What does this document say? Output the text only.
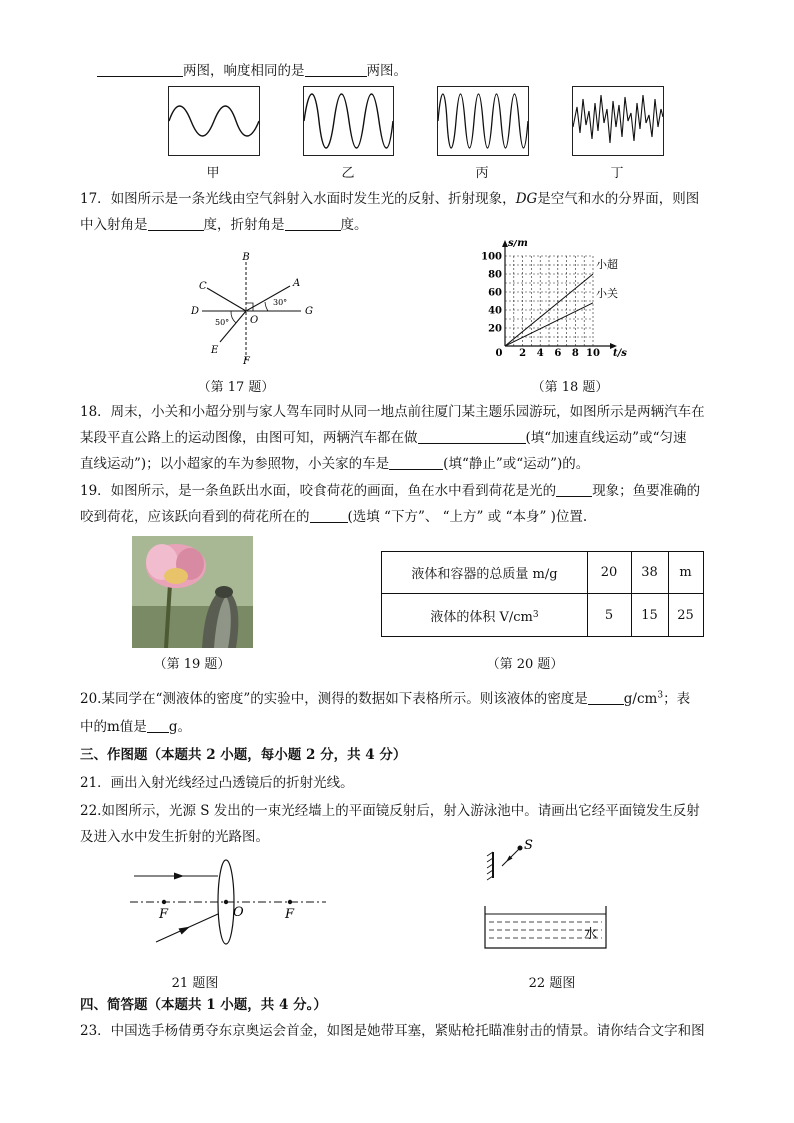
两图，响度相同的是	两图。
甲	乙	丙	丁
17．如图所示是一条光线由空气斜射入水面时发生光的反射、折射现象，DG是空气和水的分界面，则图
中入射角是	度，折射角是	度。
B
A
C
D	G
O
E
F
30°
50°
（第 17 题）
0 2 4 6 8 10
20
40
60
80
100
t/s
s/m
小超
小关
（第 18 题）
18．周末，小关和小超分别与家人驾车同时从同一地点前往厦门某主题乐园游玩，如图所示是两辆汽车在
某段平直公路上的运动图像，由图可知，两辆汽车都在做	(填“加速直线运动”或“匀速
直线运动”)；以小超家的车为参照物，小关家的车是	(填“静止”或“运动”)的。
19．如图所示，是一条鱼跃出水面，咬食荷花的画面，鱼在水中看到荷花是光的	现象；鱼要准确的
咬到荷花，应该跃向看到的荷花所在的	(选填 “下方”、 “上方” 或 “本身” )位置.
（第 19 题）
液体和容器的总质量 m/g	20	38	m
液体的体积 V/cm 3	5	15	25
（第 20 题）
20.某同学在“测液体的密度”的实验中，测得的数据如下表格所示。则该液体的密度是	$g/cm^3$；表
中的m值是 g。
三、作图题（本题共 2 小题，每小题 2 分，共 4 分）
21．画出入射光线经过凸透镜后的折射光线。
22.如图所示，光源 S 发出的一束光经墙上的平面镜反射后，射入游泳池中。请画出它经平面镜发生反射
及进入水中发生折射的光路图。
F	O	F
21 题图
S
水
22 题图
四、简答题（本题共 1 小题，共 4 分。）
23．中国选手杨倩勇夺东京奥运会首金，如图是她带耳塞，紧贴枪托瞄准射击的情景。请你结合文字和图
